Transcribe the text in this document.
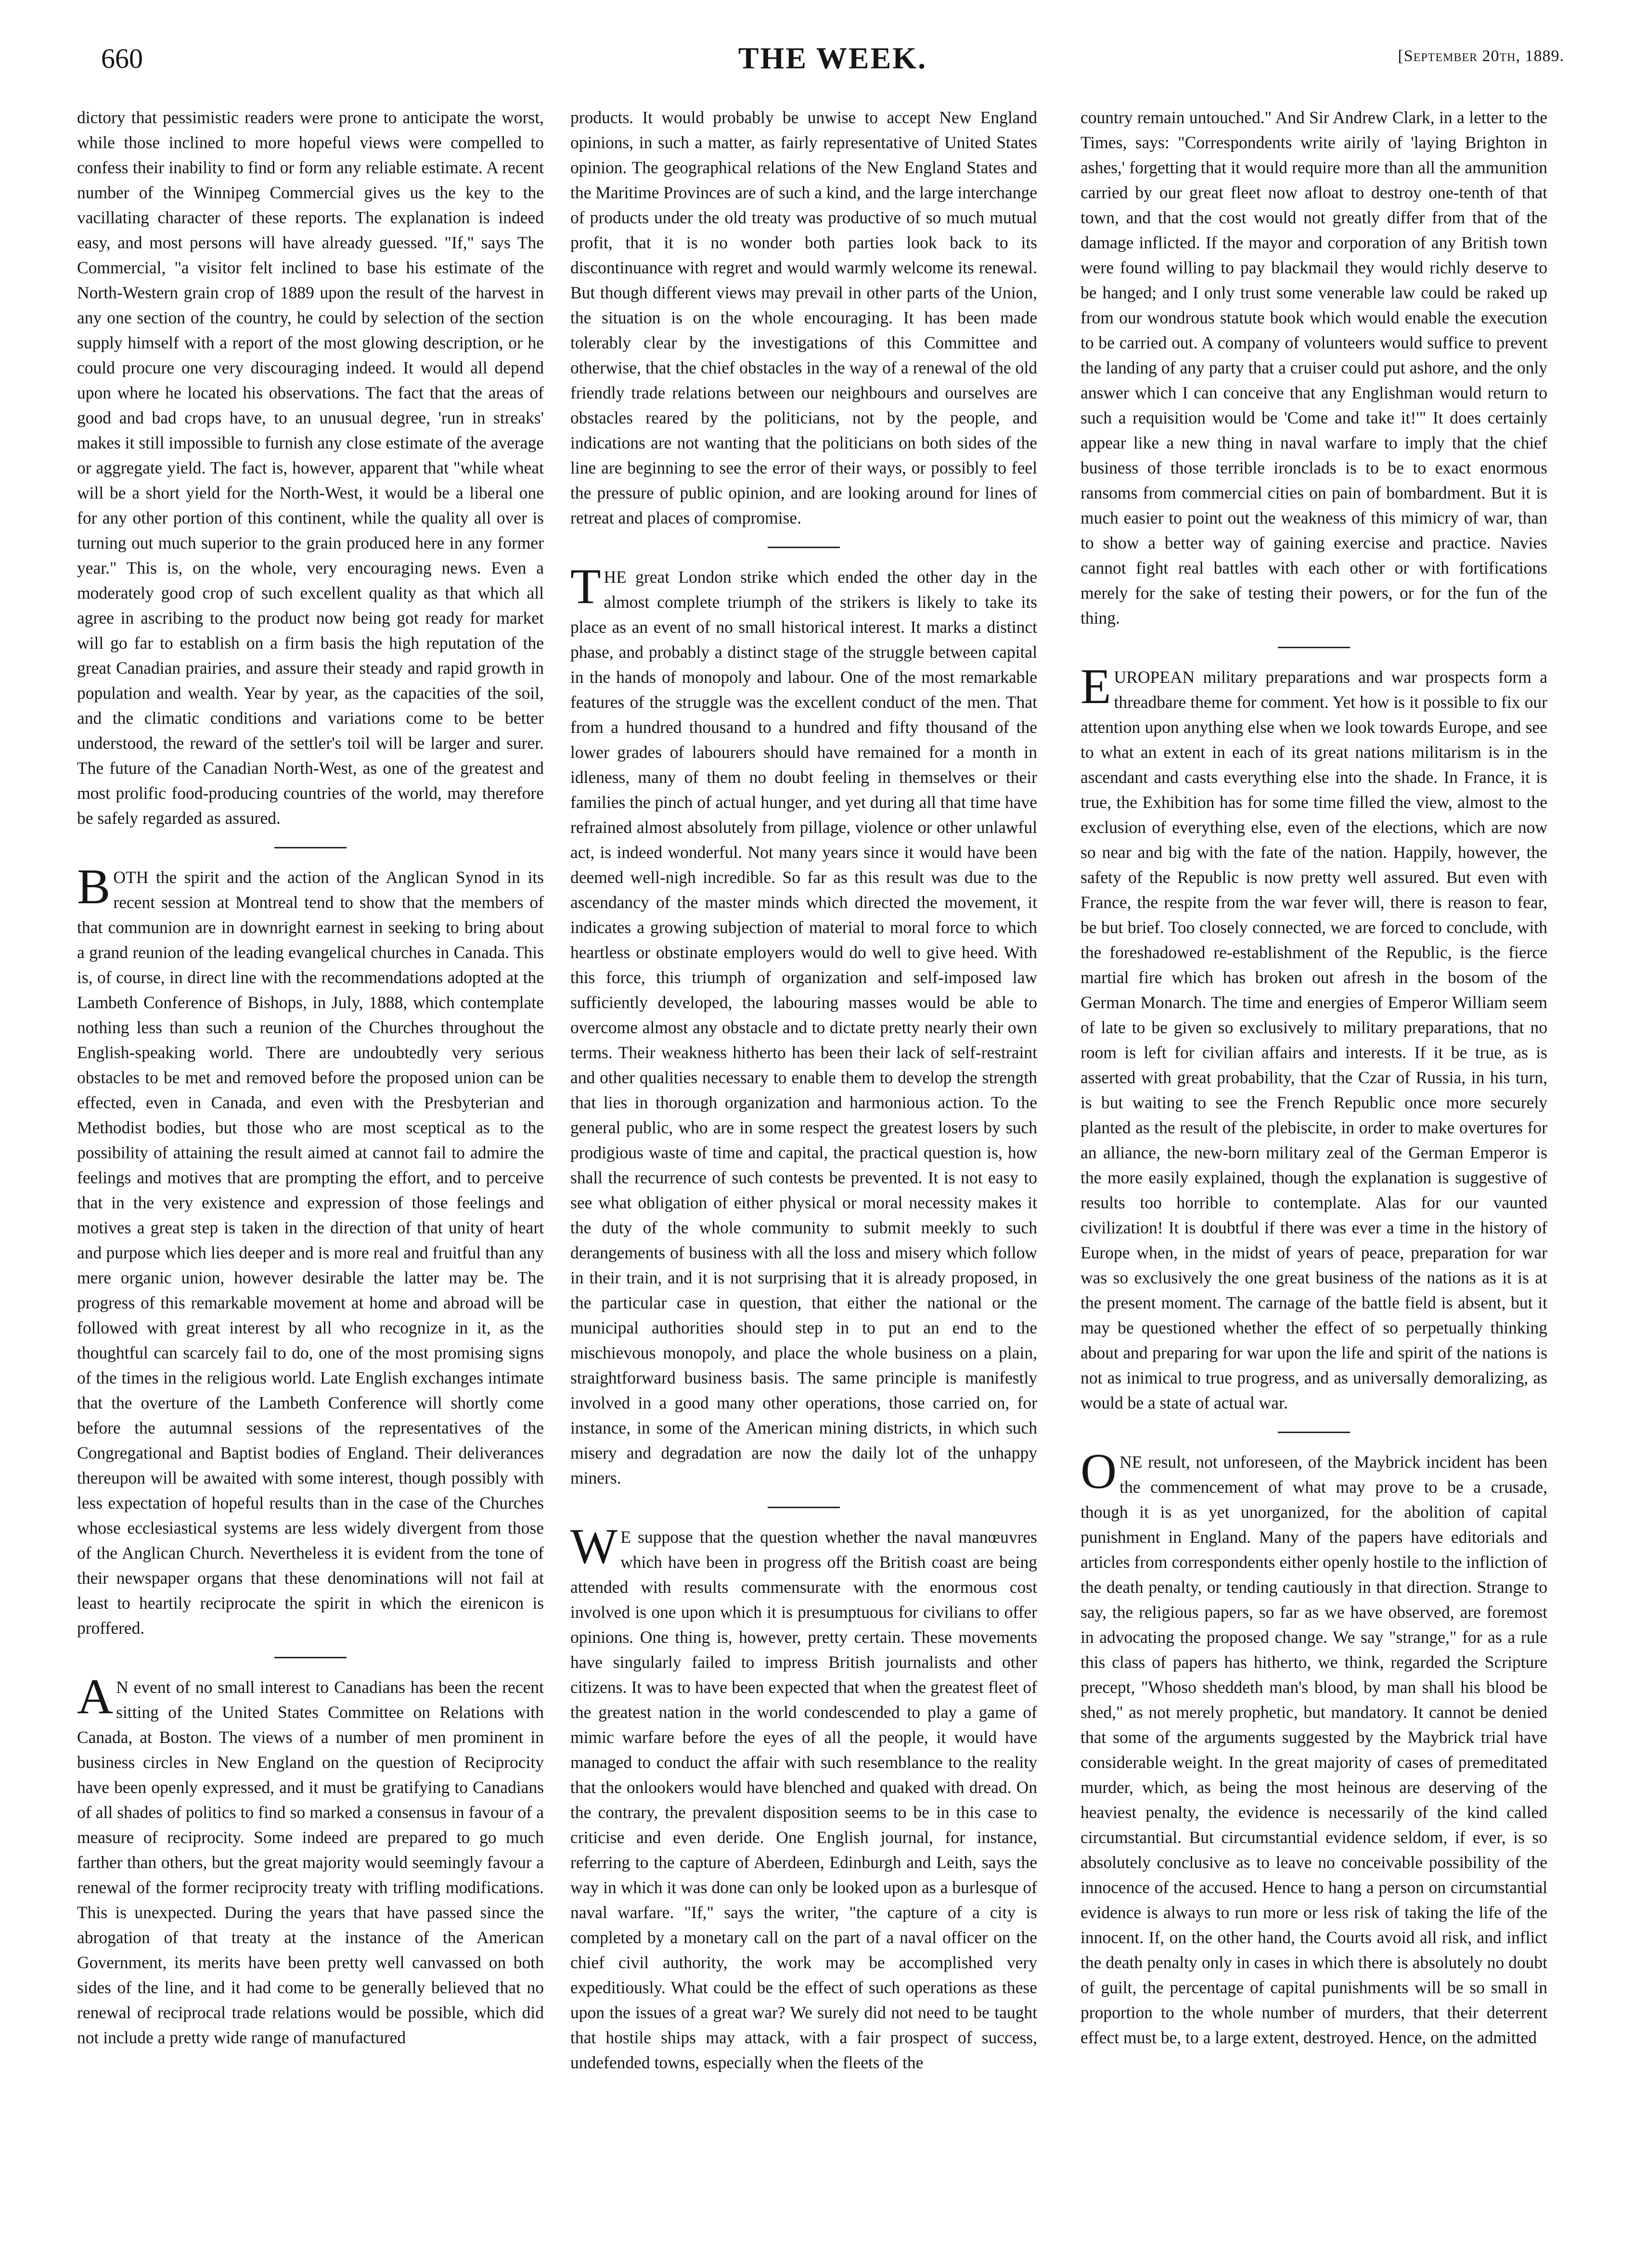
660	THE WEEK.	[September 20th, 1889.

dictory that pessimistic readers were prone to anticipate the worst, while those inclined to more hopeful views were compelled to confess their inability to find or form any reliable estimate. A recent number of the Winnipeg Commercial gives us the key to the vacillating character of these reports. The explanation is indeed easy, and most persons will have already guessed. "If," says The Commercial, "a visitor felt inclined to base his estimate of the North-Western grain crop of 1889 upon the result of the harvest in any one section of the country, he could by selection of the section supply himself with a report of the most glowing description, or he could procure one very discouraging indeed. It would all depend upon where he located his observations. The fact that the areas of good and bad crops have, to an unusual degree, 'run in streaks' makes it still impossible to furnish any close estimate of the average or aggregate yield. The fact is, however, apparent that "while wheat will be a short yield for the North-West, it would be a liberal one for any other portion of this continent, while the quality all over is turning out much superior to the grain produced here in any former year." This is, on the whole, very encouraging news. Even a moderately good crop of such excellent quality as that which all agree in ascribing to the product now being got ready for market will go far to establish on a firm basis the high reputation of the great Canadian prairies, and assure their steady and rapid growth in population and wealth. Year by year, as the capacities of the soil, and the climatic conditions and variations come to be better understood, the reward of the settler's toil will be larger and surer. The future of the Canadian North-West, as one of the greatest and most prolific food-producing countries of the world, may therefore be safely regarded as assured.

BOTH the spirit and the action of the Anglican Synod in its recent session at Montreal tend to show that the members of that communion are in downright earnest in seeking to bring about a grand reunion of the leading evangelical churches in Canada. This is, of course, in direct line with the recommendations adopted at the Lambeth Conference of Bishops, in July, 1888, which contemplate nothing less than such a reunion of the Churches throughout the English-speaking world. There are undoubtedly very serious obstacles to be met and removed before the proposed union can be effected, even in Canada, and even with the Presbyterian and Methodist bodies, but those who are most sceptical as to the possibility of attaining the result aimed at cannot fail to admire the feelings and motives that are prompting the effort, and to perceive that in the very existence and expression of those feelings and motives a great step is taken in the direction of that unity of heart and purpose which lies deeper and is more real and fruitful than any mere organic union, however desirable the latter may be. The progress of this remarkable movement at home and abroad will be followed with great interest by all who recognize in it, as the thoughtful can scarcely fail to do, one of the most promising signs of the times in the religious world. Late English exchanges intimate that the overture of the Lambeth Conference will shortly come before the autumnal sessions of the representatives of the Congregational and Baptist bodies of England. Their deliverances thereupon will be awaited with some interest, though possibly with less expectation of hopeful results than in the case of the Churches whose ecclesiastical systems are less widely divergent from those of the Anglican Church. Nevertheless it is evident from the tone of their newspaper organs that these denominations will not fail at least to heartily reciprocate the spirit in which the eirenicon is proffered.

A N event of no small interest to Canadians has been the recent sitting of the United States Committee on Relations with Canada, at Boston. The views of a number of men prominent in business circles in New England on the question of Reciprocity have been openly expressed, and it must be gratifying to Canadians of all shades of politics to find so marked a consensus in favour of a measure of reciprocity. Some indeed are prepared to go much farther than others, but the great majority would seemingly favour a renewal of the former reciprocity treaty with trifling modifications. This is unexpected. During the years that have passed since the abrogation of that treaty at the instance of the American Government, its merits have been pretty well canvassed on both sides of the line, and it had come to be generally believed that no renewal of reciprocal trade relations would be possible, which did not include a pretty wide range of manufactured

products. It would probably be unwise to accept New England opinions, in such a matter, as fairly representative of United States opinion. The geographical relations of the New England States and the Maritime Provinces are of such a kind, and the large interchange of products under the old treaty was productive of so much mutual profit, that it is no wonder both parties look back to its discontinuance with regret and would warmly welcome its renewal. But though different views may prevail in other parts of the Union, the situation is on the whole encouraging. It has been made tolerably clear by the investigations of this Committee and otherwise, that the chief obstacles in the way of a renewal of the old friendly trade relations between our neighbours and ourselves are obstacles reared by the politicians, not by the people, and indications are not wanting that the politicians on both sides of the line are beginning to see the error of their ways, or possibly to feel the pressure of public opinion, and are looking around for lines of retreat and places of compromise.

THE great London strike which ended the other day in the almost complete triumph of the strikers is likely to take its place as an event of no small historical interest. It marks a distinct phase, and probably a distinct stage of the struggle between capital in the hands of monopoly and labour. One of the most remarkable features of the struggle was the excellent conduct of the men. That from a hundred thousand to a hundred and fifty thousand of the lower grades of labourers should have remained for a month in idleness, many of them no doubt feeling in themselves or their families the pinch of actual hunger, and yet during all that time have refrained almost absolutely from pillage, violence or other unlawful act, is indeed wonderful. Not many years since it would have been deemed well-nigh incredible. So far as this result was due to the ascendancy of the master minds which directed the movement, it indicates a growing subjection of material to moral force to which heartless or obstinate employers would do well to give heed. With this force, this triumph of organization and self-imposed law sufficiently developed, the labouring masses would be able to overcome almost any obstacle and to dictate pretty nearly their own terms. Their weakness hitherto has been their lack of self-restraint and other qualities necessary to enable them to develop the strength that lies in thorough organization and harmonious action. To the general public, who are in some respect the greatest losers by such prodigious waste of time and capital, the practical question is, how shall the recurrence of such contests be prevented. It is not easy to see what obligation of either physical or moral necessity makes it the duty of the whole community to submit meekly to such derangements of business with all the loss and misery which follow in their train, and it is not surprising that it is already proposed, in the particular case in question, that either the national or the municipal authorities should step in to put an end to the mischievous monopoly, and place the whole business on a plain, straightforward business basis. The same principle is manifestly involved in a good many other operations, those carried on, for instance, in some of the American mining districts, in which such misery and degradation are now the daily lot of the unhappy miners.

W E suppose that the question whether the naval manœuvres which have been in progress off the British coast are being attended with results commensurate with the enormous cost involved is one upon which it is presumptuous for civilians to offer opinions. One thing is, however, pretty certain. These movements have singularly failed to impress British journalists and other citizens. It was to have been expected that when the greatest fleet of the greatest nation in the world condescended to play a game of mimic warfare before the eyes of all the people, it would have managed to conduct the affair with such resemblance to the reality that the onlookers would have blenched and quaked with dread. On the contrary, the prevalent disposition seems to be in this case to criticise and even deride. One English journal, for instance, referring to the capture of Aberdeen, Edinburgh and Leith, says the way in which it was done can only be looked upon as a burlesque of naval warfare. "If," says the writer, "the capture of a city is completed by a monetary call on the part of a naval officer on the chief civil authority, the work may be accomplished very expeditiously. What could be the effect of such operations as these upon the issues of a great war? We surely did not need to be taught that hostile ships may attack, with a fair prospect of success, undefended towns, especially when the fleets of the

country remain untouched." And Sir Andrew Clark, in a letter to the Times, says: "Correspondents write airily of 'laying Brighton in ashes,' forgetting that it would require more than all the ammunition carried by our great fleet now afloat to destroy one-tenth of that town, and that the cost would not greatly differ from that of the damage inflicted. If the mayor and corporation of any British town were found willing to pay blackmail they would richly deserve to be hanged; and I only trust some venerable law could be raked up from our wondrous statute book which would enable the execution to be carried out. A company of volunteers would suffice to prevent the landing of any party that a cruiser could put ashore, and the only answer which I can conceive that any Englishman would return to such a requisition would be 'Come and take it!'" It does certainly appear like a new thing in naval warfare to imply that the chief business of those terrible ironclads is to be to exact enormous ransoms from commercial cities on pain of bombardment. But it is much easier to point out the weakness of this mimicry of war, than to show a better way of gaining exercise and practice. Navies cannot fight real battles with each other or with fortifications merely for the sake of testing their powers, or for the fun of the thing.

EUROPEAN military preparations and war prospects form a threadbare theme for comment. Yet how is it possible to fix our attention upon anything else when we look towards Europe, and see to what an extent in each of its great nations militarism is in the ascendant and casts everything else into the shade. In France, it is true, the Exhibition has for some time filled the view, almost to the exclusion of everything else, even of the elections, which are now so near and big with the fate of the nation. Happily, however, the safety of the Republic is now pretty well assured. But even with France, the respite from the war fever will, there is reason to fear, be but brief. Too closely connected, we are forced to conclude, with the foreshadowed re-establishment of the Republic, is the fierce martial fire which has broken out afresh in the bosom of the German Monarch. The time and energies of Emperor William seem of late to be given so exclusively to military preparations, that no room is left for civilian affairs and interests. If it be true, as is asserted with great probability, that the Czar of Russia, in his turn, is but waiting to see the French Republic once more securely planted as the result of the plebiscite, in order to make overtures for an alliance, the new-born military zeal of the German Emperor is the more easily explained, though the explanation is suggestive of results too horrible to contemplate. Alas for our vaunted civilization! It is doubtful if there was ever a time in the history of Europe when, in the midst of years of peace, preparation for war was so exclusively the one great business of the nations as it is at the present moment. The carnage of the battle field is absent, but it may be questioned whether the effect of so perpetually thinking about and preparing for war upon the life and spirit of the nations is not as inimical to true progress, and as universally demoralizing, as would be a state of actual war.

ONE result, not unforeseen, of the Maybrick incident has been the commencement of what may prove to be a crusade, though it is as yet unorganized, for the abolition of capital punishment in England. Many of the papers have editorials and articles from correspondents either openly hostile to the infliction of the death penalty, or tending cautiously in that direction. Strange to say, the religious papers, so far as we have observed, are foremost in advocating the proposed change. We say "strange," for as a rule this class of papers has hitherto, we think, regarded the Scripture precept, "Whoso sheddeth man's blood, by man shall his blood be shed," as not merely prophetic, but mandatory. It cannot be denied that some of the arguments suggested by the Maybrick trial have considerable weight. In the great majority of cases of premeditated murder, which, as being the most heinous are deserving of the heaviest penalty, the evidence is necessarily of the kind called circumstantial. But circumstantial evidence seldom, if ever, is so absolutely conclusive as to leave no conceivable possibility of the innocence of the accused. Hence to hang a person on circumstantial evidence is always to run more or less risk of taking the life of the innocent. If, on the other hand, the Courts avoid all risk, and inflict the death penalty only in cases in which there is absolutely no doubt of guilt, the percentage of capital punishments will be so small in proportion to the whole number of murders, that their deterrent effect must be, to a large extent, destroyed. Hence, on the admitted
